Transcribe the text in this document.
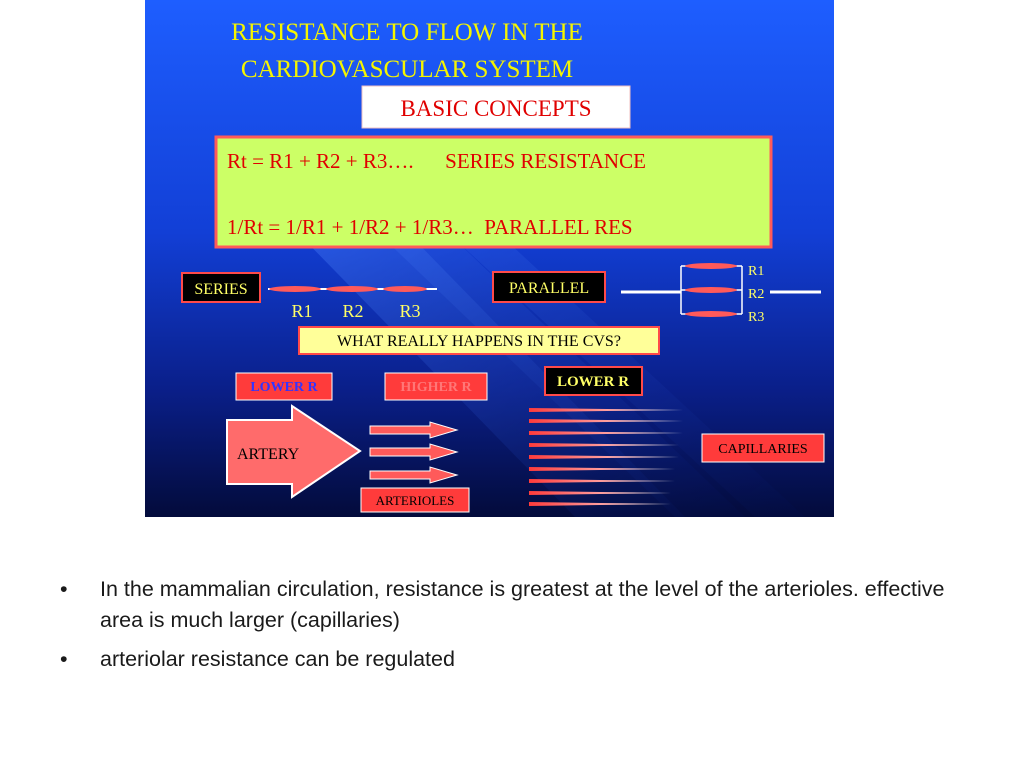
RESISTANCE TO FLOW IN THE
CARDIOVASCULAR SYSTEM
BASIC CONCEPTS
Rt = R1 + R2 + R3….      SERIES RESISTANCE
1/Rt = 1/R1 + 1/R2 + 1/R3…  PARALLEL RES
SERIES
R1 R2 R3
PARALLEL
R1
R2
R3
WHAT REALLY HAPPENS IN THE CVS?
LOWER R	HIGHER R	LOWER R
ARTERY
ARTERIOLES
CAPILLARIES
• In the mammalian circulation, resistance is greatest at the level of the arterioles. effective area is much larger (capillaries)
• arteriolar resistance can be regulated
